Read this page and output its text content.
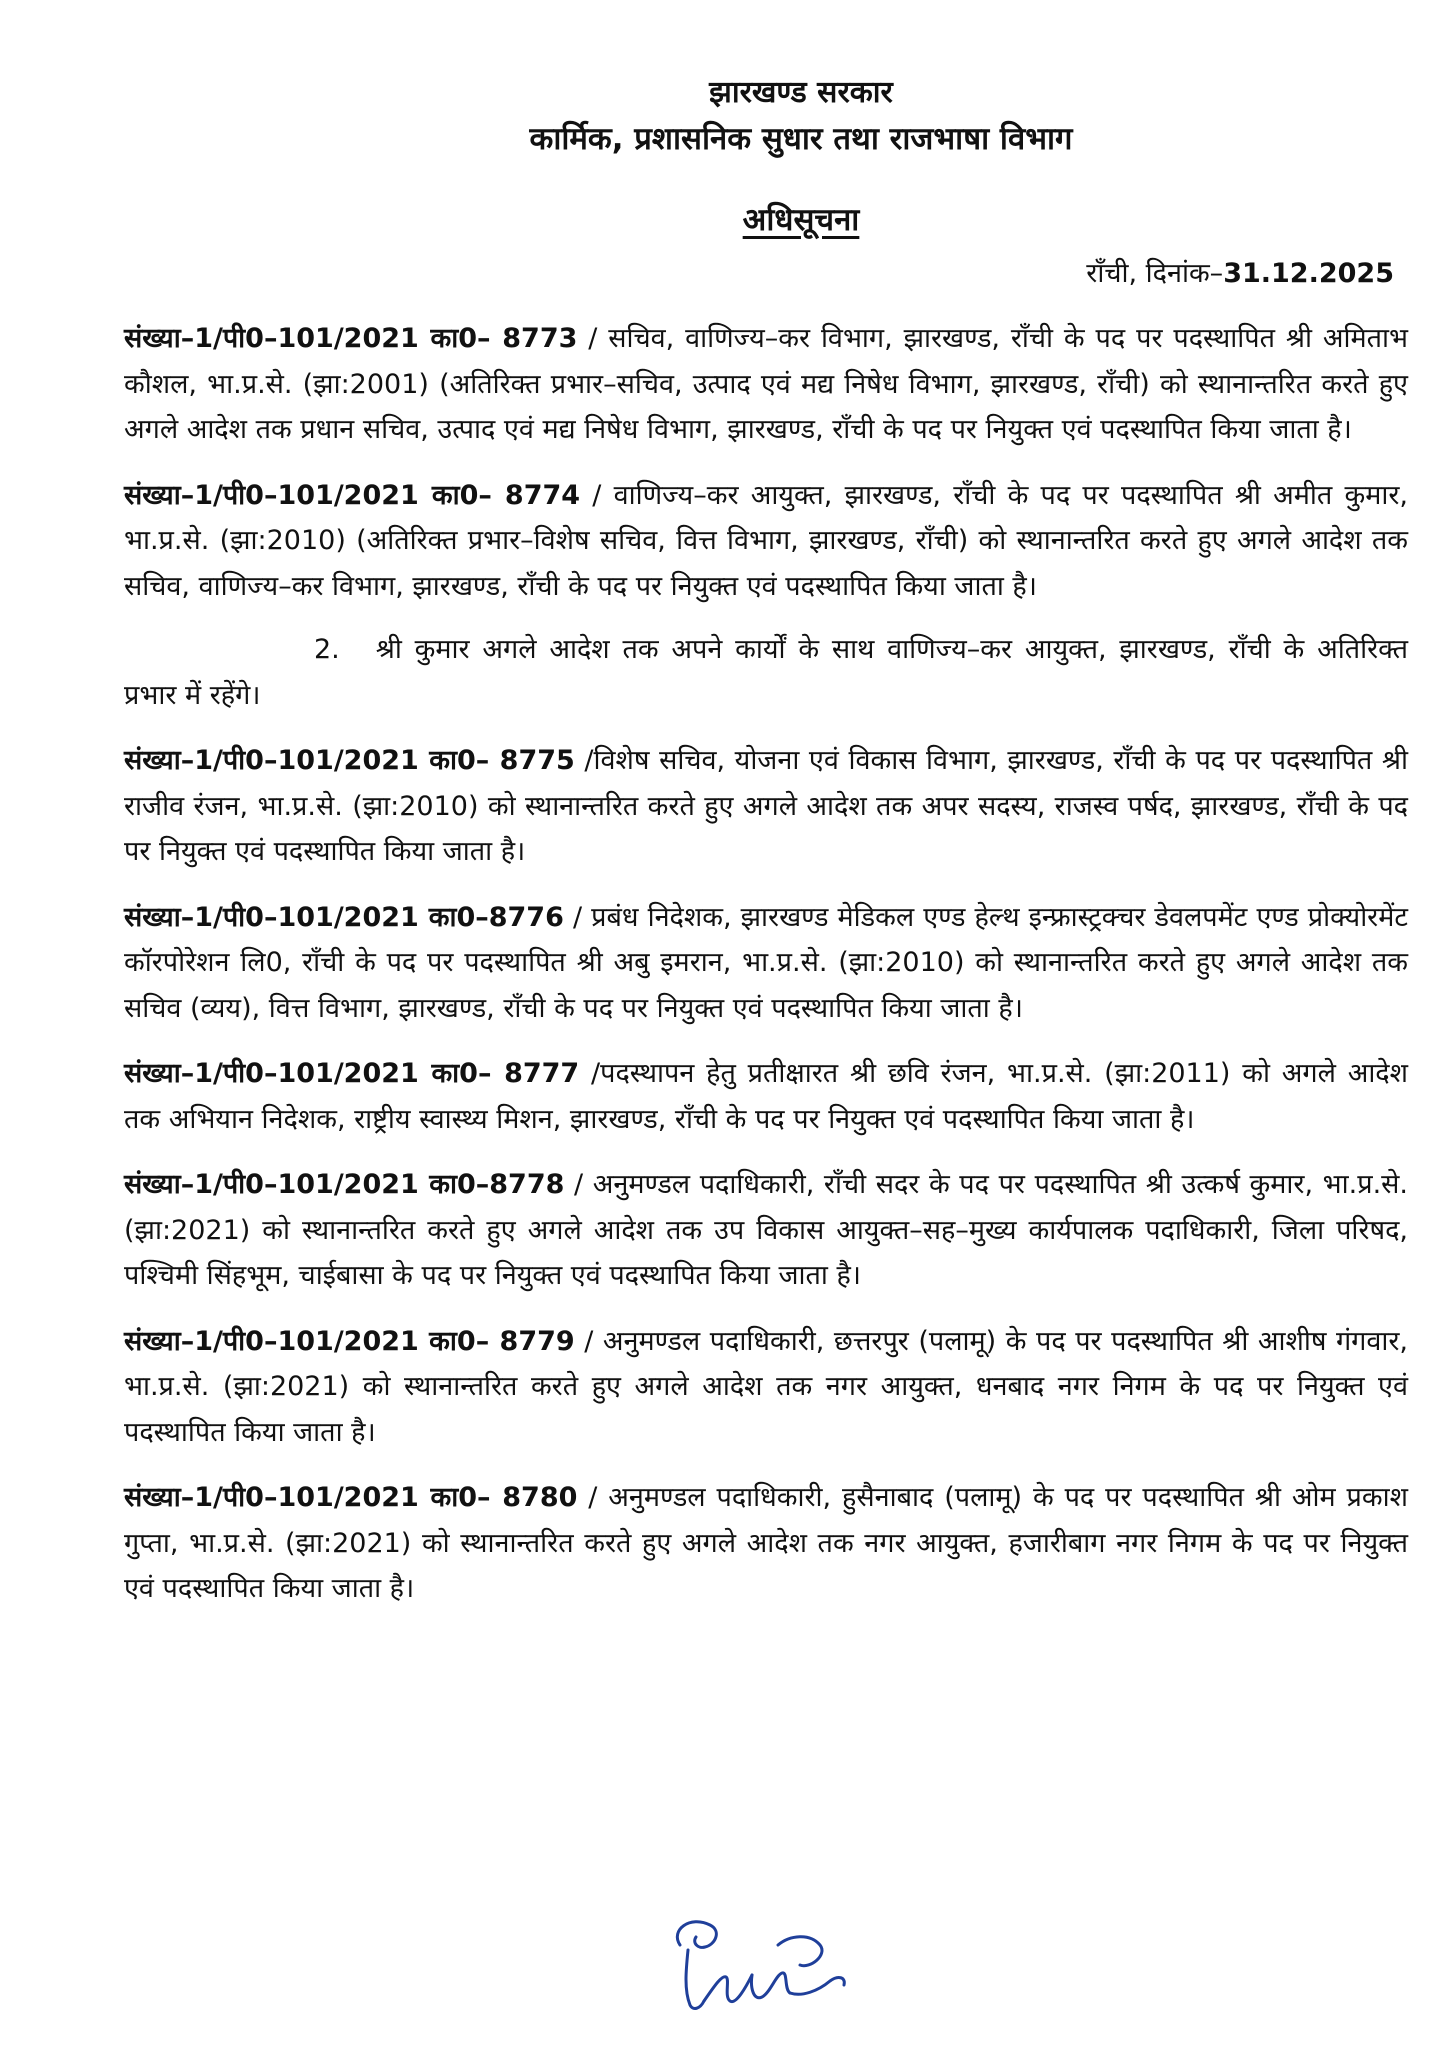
झारखण्ड सरकार
कार्मिक, प्रशासनिक सुधार तथा राजभाषा विभाग
अधिसूचना
राँची, दिनांक–31.12.2025
संख्या–1/पी0–101/2021 का0– 8773 / सचिव, वाणिज्य–कर विभाग, झारखण्ड, राँची के पद पर पदस्थापित श्री अमिताभ कौशल, भा.प्र.से. (झा:2001) (अतिरिक्त प्रभार–सचिव, उत्पाद एवं मद्य निषेध विभाग, झारखण्ड, राँची) को स्थानान्तरित करते हुए अगले आदेश तक प्रधान सचिव, उत्पाद एवं मद्य निषेध विभाग, झारखण्ड, राँची के पद पर नियुक्त एवं पदस्थापित किया जाता है।
संख्या–1/पी0–101/2021 का0– 8774 / वाणिज्य–कर आयुक्त, झारखण्ड, राँची के पद पर पदस्थापित श्री अमीत कुमार, भा.प्र.से. (झा:2010) (अतिरिक्त प्रभार–विशेष सचिव, वित्त विभाग, झारखण्ड, राँची) को स्थानान्तरित करते हुए अगले आदेश तक सचिव, वाणिज्य–कर विभाग, झारखण्ड, राँची के पद पर नियुक्त एवं पदस्थापित किया जाता है।
2. श्री कुमार अगले आदेश तक अपने कार्यों के साथ वाणिज्य–कर आयुक्त, झारखण्ड, राँची के अतिरिक्त प्रभार में रहेंगे।
संख्या–1/पी0–101/2021 का0– 8775 /विशेष सचिव, योजना एवं विकास विभाग, झारखण्ड, राँची के पद पर पदस्थापित श्री राजीव रंजन, भा.प्र.से. (झा:2010) को स्थानान्तरित करते हुए अगले आदेश तक अपर सदस्य, राजस्व पर्षद, झारखण्ड, राँची के पद पर नियुक्त एवं पदस्थापित किया जाता है।
संख्या–1/पी0–101/2021 का0–8776 / प्रबंध निदेशक, झारखण्ड मेडिकल एण्ड हेल्थ इन्फ्रास्ट्रक्चर डेवलपमेंट एण्ड प्रोक्योरमेंट कॉरपोरेशन लि0, राँची के पद पर पदस्थापित श्री अबु इमरान, भा.प्र.से. (झा:2010) को स्थानान्तरित करते हुए अगले आदेश तक सचिव (व्यय), वित्त विभाग, झारखण्ड, राँची के पद पर नियुक्त एवं पदस्थापित किया जाता है।
संख्या–1/पी0–101/2021 का0– 8777 /पदस्थापन हेतु प्रतीक्षारत श्री छवि रंजन, भा.प्र.से. (झा:2011) को अगले आदेश तक अभियान निदेशक, राष्ट्रीय स्वास्थ्य मिशन, झारखण्ड, राँची के पद पर नियुक्त एवं पदस्थापित किया जाता है।
संख्या–1/पी0–101/2021 का0–8778 / अनुमण्डल पदाधिकारी, राँची सदर के पद पर पदस्थापित श्री उत्कर्ष कुमार, भा.प्र.से. (झा:2021) को स्थानान्तरित करते हुए अगले आदेश तक उप विकास आयुक्त–सह–मुख्य कार्यपालक पदाधिकारी, जिला परिषद, पश्चिमी सिंहभूम, चाईबासा के पद पर नियुक्त एवं पदस्थापित किया जाता है।
संख्या–1/पी0–101/2021 का0– 8779 / अनुमण्डल पदाधिकारी, छत्तरपुर (पलामू) के पद पर पदस्थापित श्री आशीष गंगवार, भा.प्र.से. (झा:2021) को स्थानान्तरित करते हुए अगले आदेश तक नगर आयुक्त, धनबाद नगर निगम के पद पर नियुक्त एवं पदस्थापित किया जाता है।
संख्या–1/पी0–101/2021 का0– 8780 / अनुमण्डल पदाधिकारी, हुसैनाबाद (पलामू) के पद पर पदस्थापित श्री ओम प्रकाश गुप्ता, भा.प्र.से. (झा:2021) को स्थानान्तरित करते हुए अगले आदेश तक नगर आयुक्त, हजारीबाग नगर निगम के पद पर नियुक्त एवं पदस्थापित किया जाता है।
